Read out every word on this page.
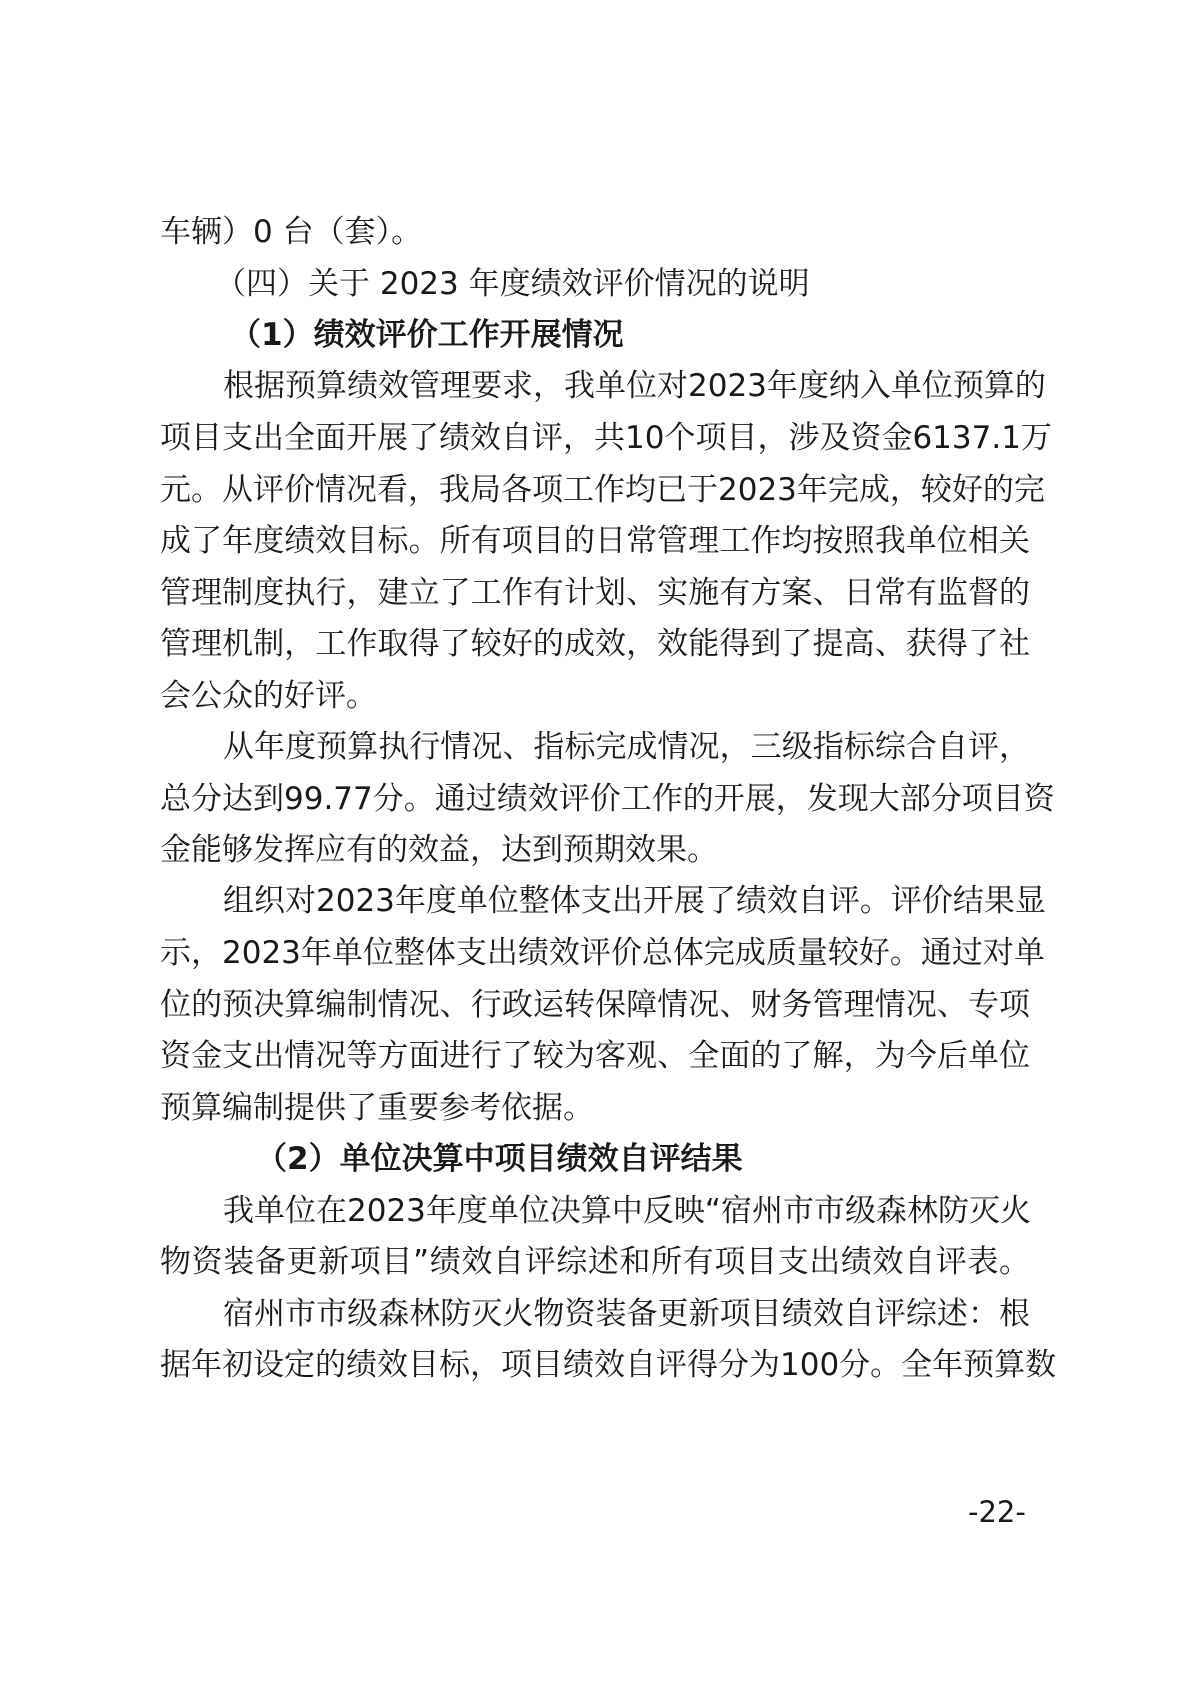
车辆）0 台（套）。
（四）关于 2023 年度绩效评价情况的说明
（1）绩效评价工作开展情况
根据预算绩效管理要求，我单位对2023年度纳入单位预算的
项目支出全面开展了绩效自评，共10个项目，涉及资金6137.1万
元。从评价情况看，我局各项工作均已于2023年完成，较好的完
成了年度绩效目标。所有项目的日常管理工作均按照我单位相关
管理制度执行，建立了工作有计划、实施有方案、日常有监督的
管理机制，工作取得了较好的成效，效能得到了提高、获得了社
会公众的好评。
从年度预算执行情况、指标完成情况，三级指标综合自评，
总分达到99.77分。通过绩效评价工作的开展，发现大部分项目资
金能够发挥应有的效益，达到预期效果。
组织对2023年度单位整体支出开展了绩效自评。评价结果显
示，2023年单位整体支出绩效评价总体完成质量较好。通过对单
位的预决算编制情况、行政运转保障情况、财务管理情况、专项
资金支出情况等方面进行了较为客观、全面的了解，为今后单位
预算编制提供了重要参考依据。
（2）单位决算中项目绩效自评结果
我单位在2023年度单位决算中反映“宿州市市级森林防灭火
物资装备更新项目”绩效自评综述和所有项目支出绩效自评表。
宿州市市级森林防灭火物资装备更新项目绩效自评综述：根
据年初设定的绩效目标，项目绩效自评得分为100分。全年预算数
-22-
